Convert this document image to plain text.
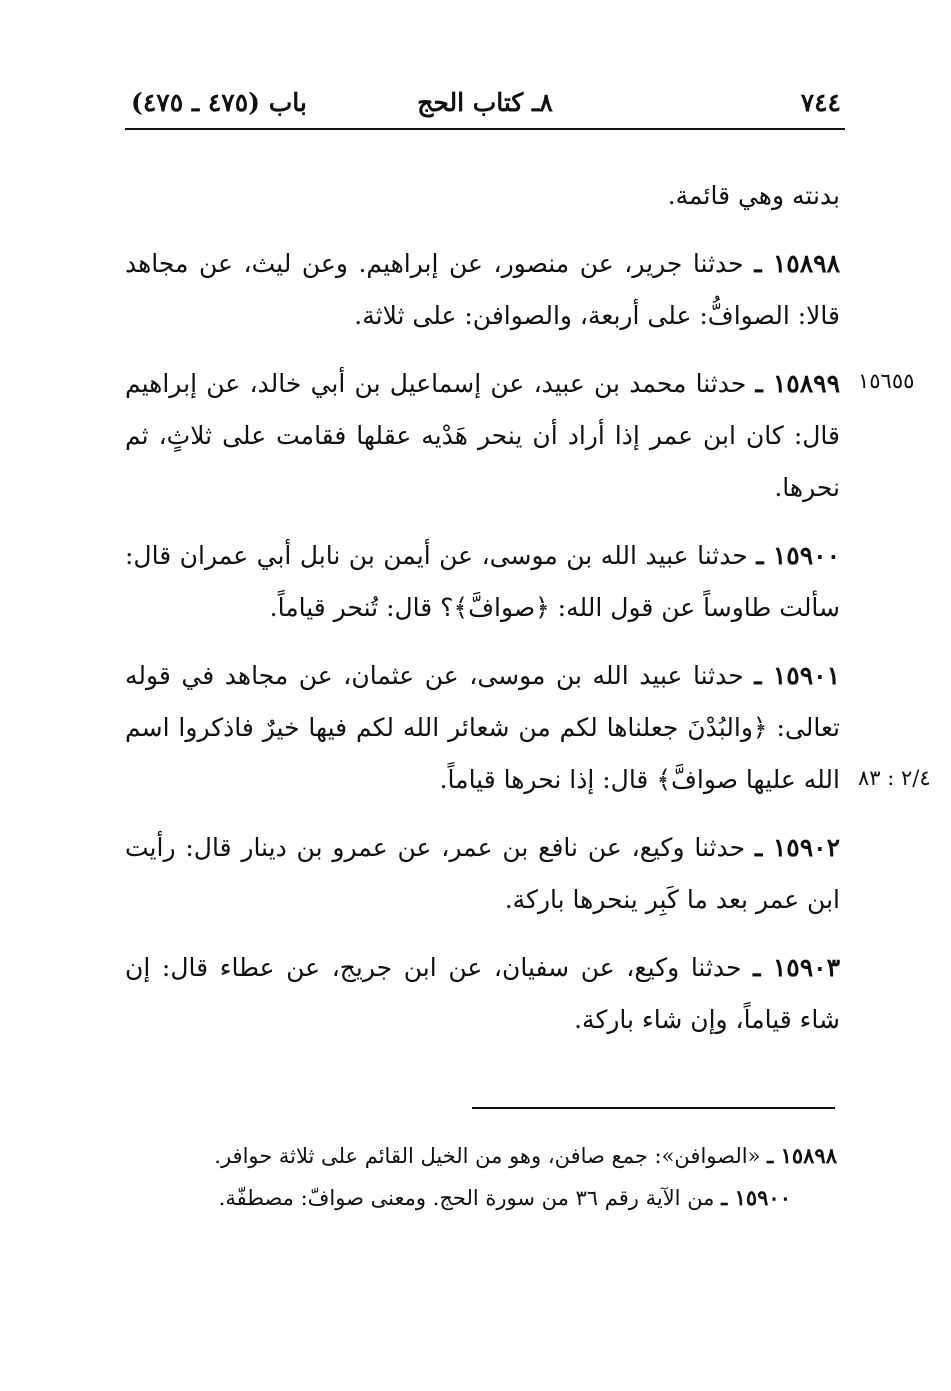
٧٤٤
٨ـ كتاب الحج
باب (٤٧٥ ـ ٤٧٥)
١٥٦٥٥
٢/٤ : ٨٣

بدنته وهي قائمة.

١٥٨٩٨ ـ حدثنا جرير، عن منصور، عن إبراهيم. وعن ليث، عن مجاهد قالا: الصوافُّ: على أربعة، والصوافن: على ثلاثة.

١٥٨٩٩ ـ حدثنا محمد بن عبيد، عن إسماعيل بن أبي خالد، عن إبراهيم قال: كان ابن عمر إذا أراد أن ينحر هَدْيه عقلها فقامت على ثلاثٍ، ثم نحرها.

١٥٩٠٠ ـ حدثنا عبيد الله بن موسى، عن أيمن بن نابل أبي عمران قال: سألت طاوساً عن قول الله: ﴿صوافَّ﴾؟ قال: تُنحر قياماً.

١٥٩٠١ ـ حدثنا عبيد الله بن موسى، عن عثمان، عن مجاهد في قوله تعالى: ﴿والبُدْنَ جعلناها لكم من شعائر الله لكم فيها خيرٌ فاذكروا اسم الله عليها صوافَّ﴾ قال: إذا نحرها قياماً.

١٥٩٠٢ ـ حدثنا وكيع، عن نافع بن عمر، عن عمرو بن دينار قال: رأيت ابن عمر بعد ما كَبِر ينحرها باركة.

١٥٩٠٣ ـ حدثنا وكيع، عن سفيان، عن ابن جريج، عن عطاء قال: إن شاء قياماً، وإن شاء باركة.

١٥٨٩٨ ـ «الصوافن»: جمع صافن، وهو من الخيل القائم على ثلاثة حوافر.

١٥٩٠٠ ـ من الآية رقم ٣٦ من سورة الحج. ومعنى صوافّ: مصطفّة.
